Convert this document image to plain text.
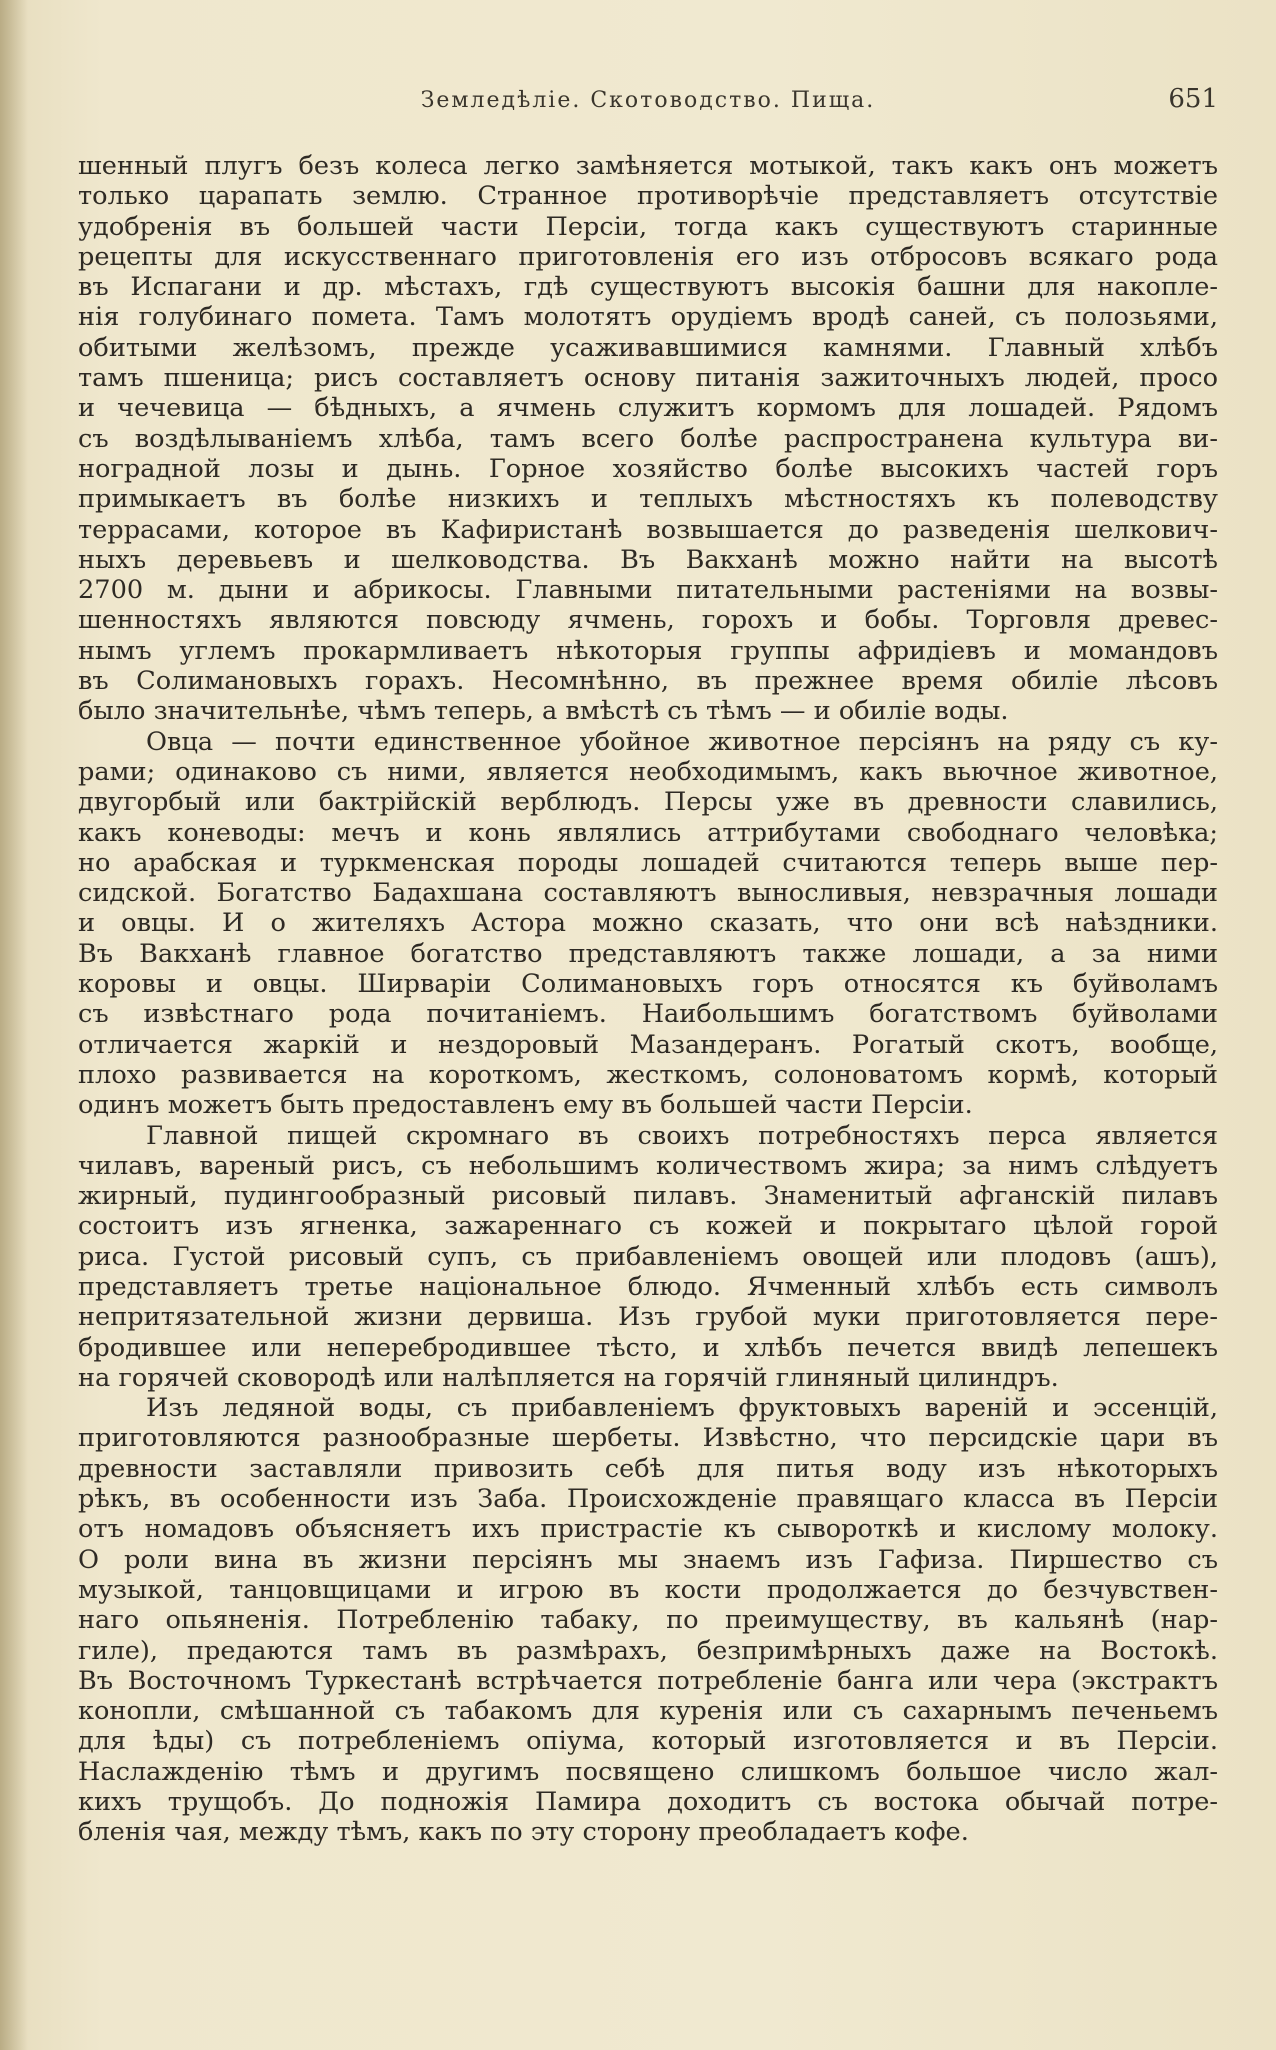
Земледѣліе. Скотоводство. Пища.	651
шенный плугъ безъ колеса легко замѣняется мотыкой, такъ какъ онъ можетъ
только царапать землю. Странное противорѣчіе представляетъ отсутствіе
удобренія въ большей части Персіи, тогда какъ существуютъ старинные
рецепты для искусственнаго приготовленія его изъ отбросовъ всякаго рода
въ Испагани и др. мѣстахъ, гдѣ существуютъ высокія башни для накопле-
нія голубинаго помета. Тамъ молотятъ орудіемъ вродѣ саней, съ полозьями,
обитыми желѣзомъ, прежде усаживавшимися камнями. Главный хлѣбъ
тамъ пшеница; рисъ составляетъ основу питанія зажиточныхъ людей, просо
и чечевица — бѣдныхъ, а ячмень служитъ кормомъ для лошадей. Рядомъ
съ воздѣлываніемъ хлѣба, тамъ всего болѣе распространена культура ви-
ноградной лозы и дынь. Горное хозяйство болѣе высокихъ частей горъ
примыкаетъ въ болѣе низкихъ и теплыхъ мѣстностяхъ къ полеводству
террасами, которое въ Кафиристанѣ возвышается до разведенія шелкович-
ныхъ деревьевъ и шелководства. Въ Вакханѣ можно найти на высотѣ
2700 м. дыни и абрикосы. Главными питательными растеніями на возвы-
шенностяхъ являются повсюду ячмень, горохъ и бобы. Торговля древес-
нымъ углемъ прокармливаетъ нѣкоторыя группы афридіевъ и момандовъ
въ Солимановыхъ горахъ. Несомнѣнно, въ прежнее время обиліе лѣсовъ
было значительнѣе, чѣмъ теперь, а вмѣстѣ съ тѣмъ — и обиліе воды.
Овца — почти единственное убойное животное персіянъ на ряду съ ку-
рами; одинаково съ ними, является необходимымъ, какъ вьючное животное,
двугорбый или бактрійскій верблюдъ. Персы уже въ древности славились,
какъ коневоды: мечъ и конь являлись аттрибутами свободнаго человѣка;
но арабская и туркменская породы лошадей считаются теперь выше пер-
сидской. Богатство Бадахшана составляютъ выносливыя, невзрачныя лошади
и овцы. И о жителяхъ Астора можно сказать, что они всѣ наѣздники.
Въ Вакханѣ главное богатство представляютъ также лошади, а за ними
коровы и овцы. Ширваріи Солимановыхъ горъ относятся къ буйволамъ
съ извѣстнаго рода почитаніемъ. Наибольшимъ богатствомъ буйволами
отличается жаркій и нездоровый Мазандеранъ. Рогатый скотъ, вообще,
плохо развивается на короткомъ, жесткомъ, солоноватомъ кормѣ, который
одинъ можетъ быть предоставленъ ему въ большей части Персіи.
Главной пищей скромнаго въ своихъ потребностяхъ перса является
чилавъ, вареный рисъ, съ небольшимъ количествомъ жира; за нимъ слѣдуетъ
жирный, пудингообразный рисовый пилавъ. Знаменитый афганскій пилавъ
состоитъ изъ ягненка, зажареннаго съ кожей и покрытаго цѣлой горой
риса. Густой рисовый супъ, съ прибавленіемъ овощей или плодовъ (ашъ),
представляетъ третье національное блюдо. Ячменный хлѣбъ есть символъ
непритязательной жизни дервиша. Изъ грубой муки приготовляется пере-
бродившее или неперебродившее тѣсто, и хлѣбъ печется ввидѣ лепешекъ
на горячей сковородѣ или налѣпляется на горячій глиняный цилиндръ.
Изъ ледяной воды, съ прибавленіемъ фруктовыхъ вареній и эссенцій,
приготовляются разнообразные шербеты. Извѣстно, что персидскіе цари въ
древности заставляли привозить себѣ для питья воду изъ нѣкоторыхъ
рѣкъ, въ особенности изъ Заба. Происхожденіе правящаго класса въ Персіи
отъ номадовъ объясняетъ ихъ пристрастіе къ сывороткѣ и кислому молоку.
О роли вина въ жизни персіянъ мы знаемъ изъ Гафиза. Пиршество съ
музыкой, танцовщицами и игрою въ кости продолжается до безчувствен-
наго опьяненія. Потребленію табаку, по преимуществу, въ кальянѣ (нар-
гиле), предаются тамъ въ размѣрахъ, безпримѣрныхъ даже на Востокѣ.
Въ Восточномъ Туркестанѣ встрѣчается потребленіе банга или чера (экстрактъ
конопли, смѣшанной съ табакомъ для куренія или съ сахарнымъ печеньемъ
для ѣды) съ потребленіемъ опіума, который изготовляется и въ Персіи.
Наслажденію тѣмъ и другимъ посвящено слишкомъ большое число жал-
кихъ трущобъ. До подножія Памира доходитъ съ востока обычай потре-
бленія чая, между тѣмъ, какъ по эту сторону преобладаетъ кофе.
